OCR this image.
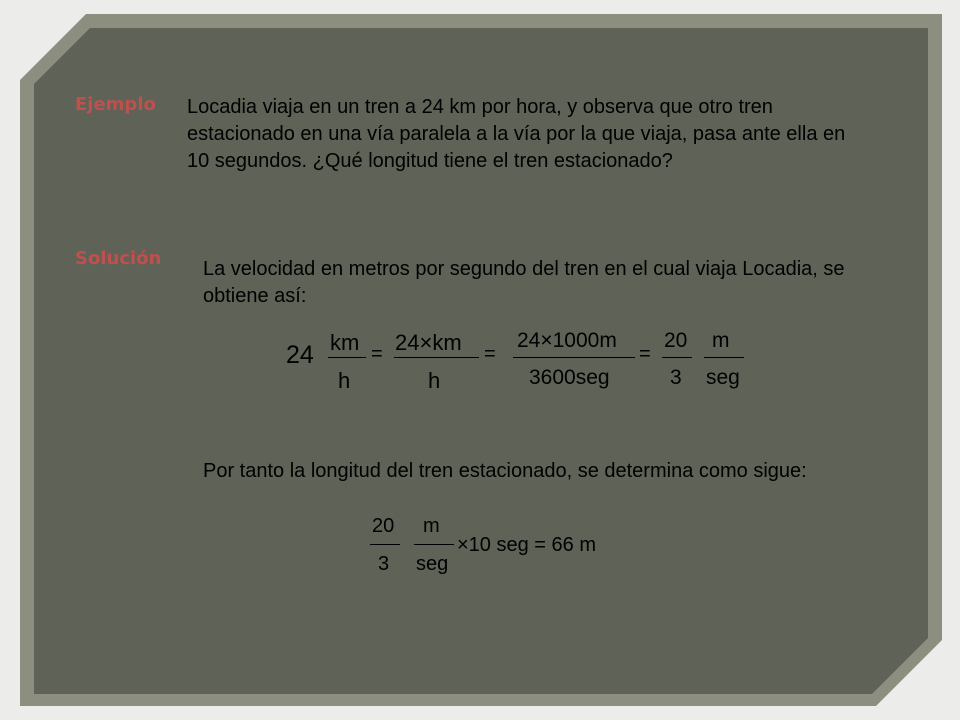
Ejemplo Locadia viaja en un tren a 24 km por hora, y observa que otro tren estacionado en una vía paralela a la vía por la que viaja, pasa ante ella en 10 segundos. ¿Qué longitud tiene el tren estacionado?

Solución La velocidad en metros por segundo del tren en el cual viaja Locadia, se obtiene así:

24 km
h
= 24×km
h
=
24×1000m
3600seg
=
20
3
m
seg

Por tanto la longitud del tren estacionado, se determina como sigue:

20
3
m
seg
×10 seg = 66 m
